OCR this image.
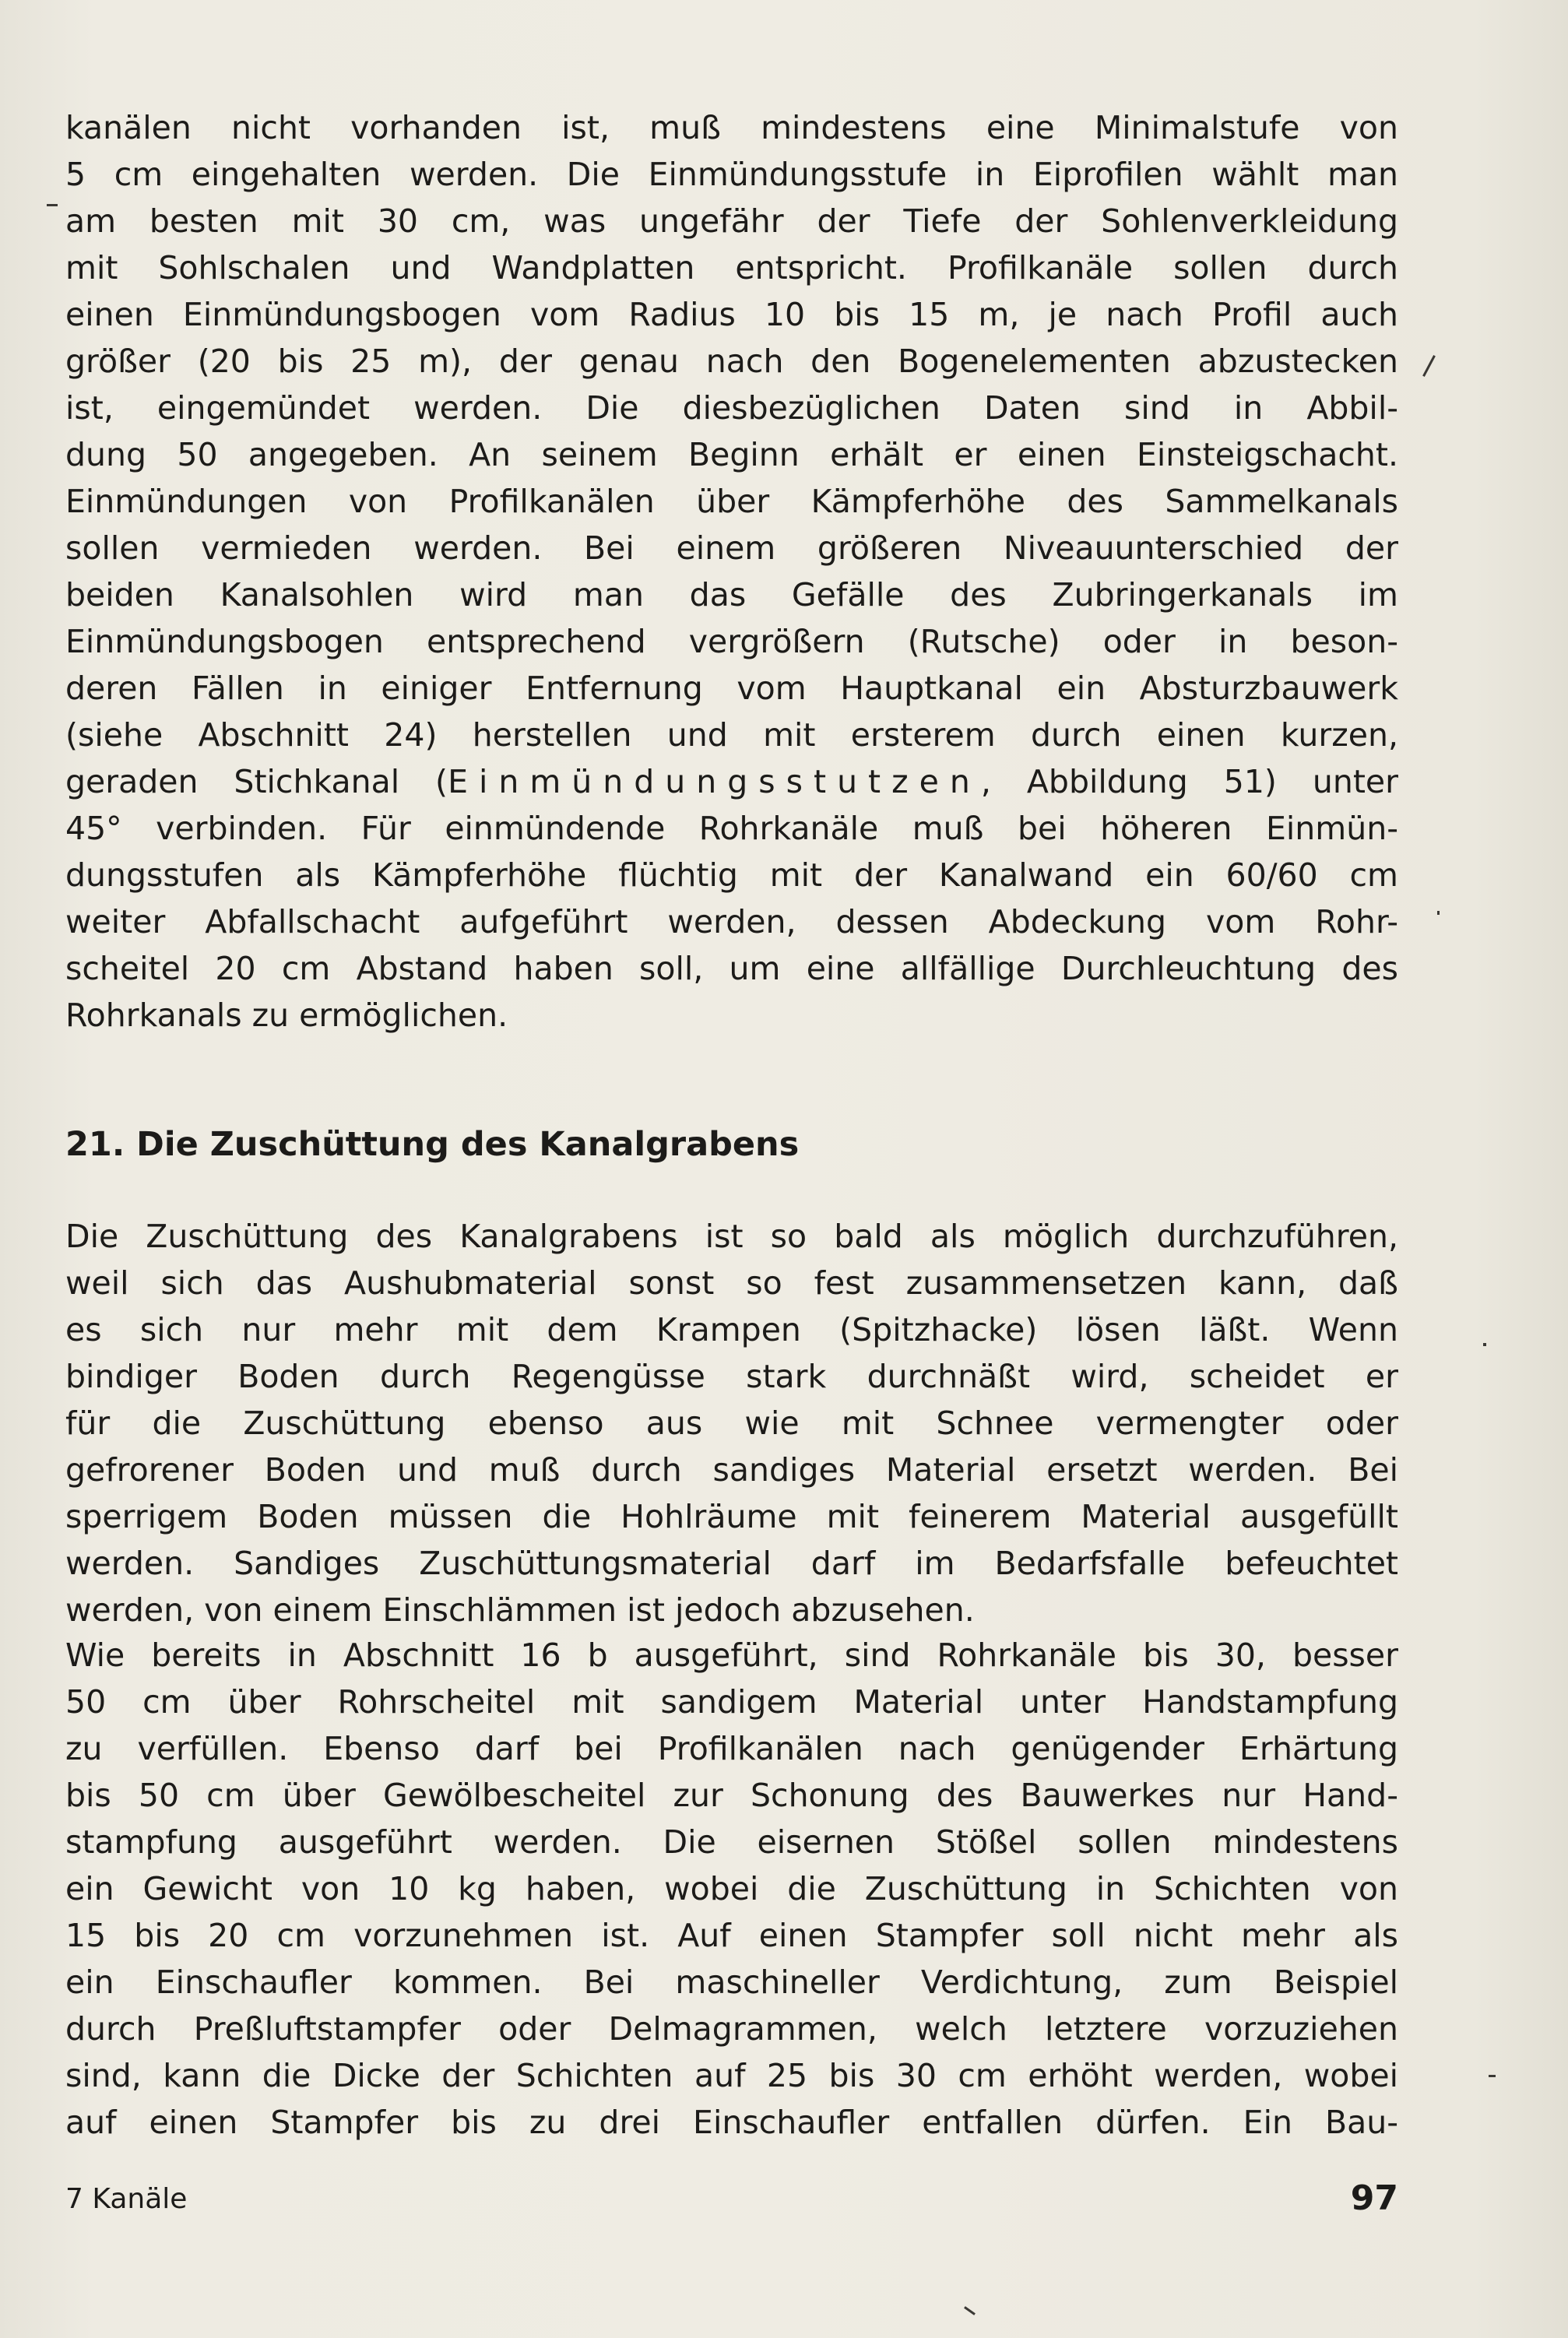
kanälen nicht vorhanden ist, muß mindestens eine Minimalstufe von
5 cm eingehalten werden. Die Einmündungsstufe in Eiprofilen wählt man
am besten mit 30 cm, was ungefähr der Tiefe der Sohlenverkleidung
mit Sohlschalen und Wandplatten entspricht. Profilkanäle sollen durch
einen Einmündungsbogen vom Radius 10 bis 15 m, je nach Profil auch
größer (20 bis 25 m), der genau nach den Bogenelementen abzustecken
ist, eingemündet werden. Die diesbezüglichen Daten sind in Abbil-
dung 50 angegeben. An seinem Beginn erhält er einen Einsteigschacht.
Einmündungen von Profilkanälen über Kämpferhöhe des Sammelkanals
sollen vermieden werden. Bei einem größeren Niveauunterschied der
beiden Kanalsohlen wird man das Gefälle des Zubringerkanals im
Einmündungsbogen entsprechend vergrößern (Rutsche) oder in beson-
deren Fällen in einiger Entfernung vom Hauptkanal ein Absturzbauwerk
(siehe Abschnitt 24) herstellen und mit ersterem durch einen kurzen,
geraden Stichkanal (Einmündungsstutzen, Abbildung 51) unter
45° verbinden. Für einmündende Rohrkanäle muß bei höheren Einmün-
dungsstufen als Kämpferhöhe flüchtig mit der Kanalwand ein 60/60 cm
weiter Abfallschacht aufgeführt werden, dessen Abdeckung vom Rohr-
scheitel 20 cm Abstand haben soll, um eine allfällige Durchleuchtung des
Rohrkanals zu ermöglichen.
21. Die Zuschüttung des Kanalgrabens
Die Zuschüttung des Kanalgrabens ist so bald als möglich durchzuführen,
weil sich das Aushubmaterial sonst so fest zusammensetzen kann, daß
es sich nur mehr mit dem Krampen (Spitzhacke) lösen läßt. Wenn
bindiger Boden durch Regengüsse stark durchnäßt wird, scheidet er
für die Zuschüttung ebenso aus wie mit Schnee vermengter oder
gefrorener Boden und muß durch sandiges Material ersetzt werden. Bei
sperrigem Boden müssen die Hohlräume mit feinerem Material ausgefüllt
werden. Sandiges Zuschüttungsmaterial darf im Bedarfsfalle befeuchtet
werden, von einem Einschlämmen ist jedoch abzusehen.
Wie bereits in Abschnitt 16 b ausgeführt, sind Rohrkanäle bis 30, besser
50 cm über Rohrscheitel mit sandigem Material unter Handstampfung
zu verfüllen. Ebenso darf bei Profilkanälen nach genügender Erhärtung
bis 50 cm über Gewölbescheitel zur Schonung des Bauwerkes nur Hand-
stampfung ausgeführt werden. Die eisernen Stößel sollen mindestens
ein Gewicht von 10 kg haben, wobei die Zuschüttung in Schichten von
15 bis 20 cm vorzunehmen ist. Auf einen Stampfer soll nicht mehr als
ein Einschaufler kommen. Bei maschineller Verdichtung, zum Beispiel
durch Preßluftstampfer oder Delmagrammen, welch letztere vorzuziehen
sind, kann die Dicke der Schichten auf 25 bis 30 cm erhöht werden, wobei
auf einen Stampfer bis zu drei Einschaufler entfallen dürfen. Ein Bau-
7 Kanäle	97
